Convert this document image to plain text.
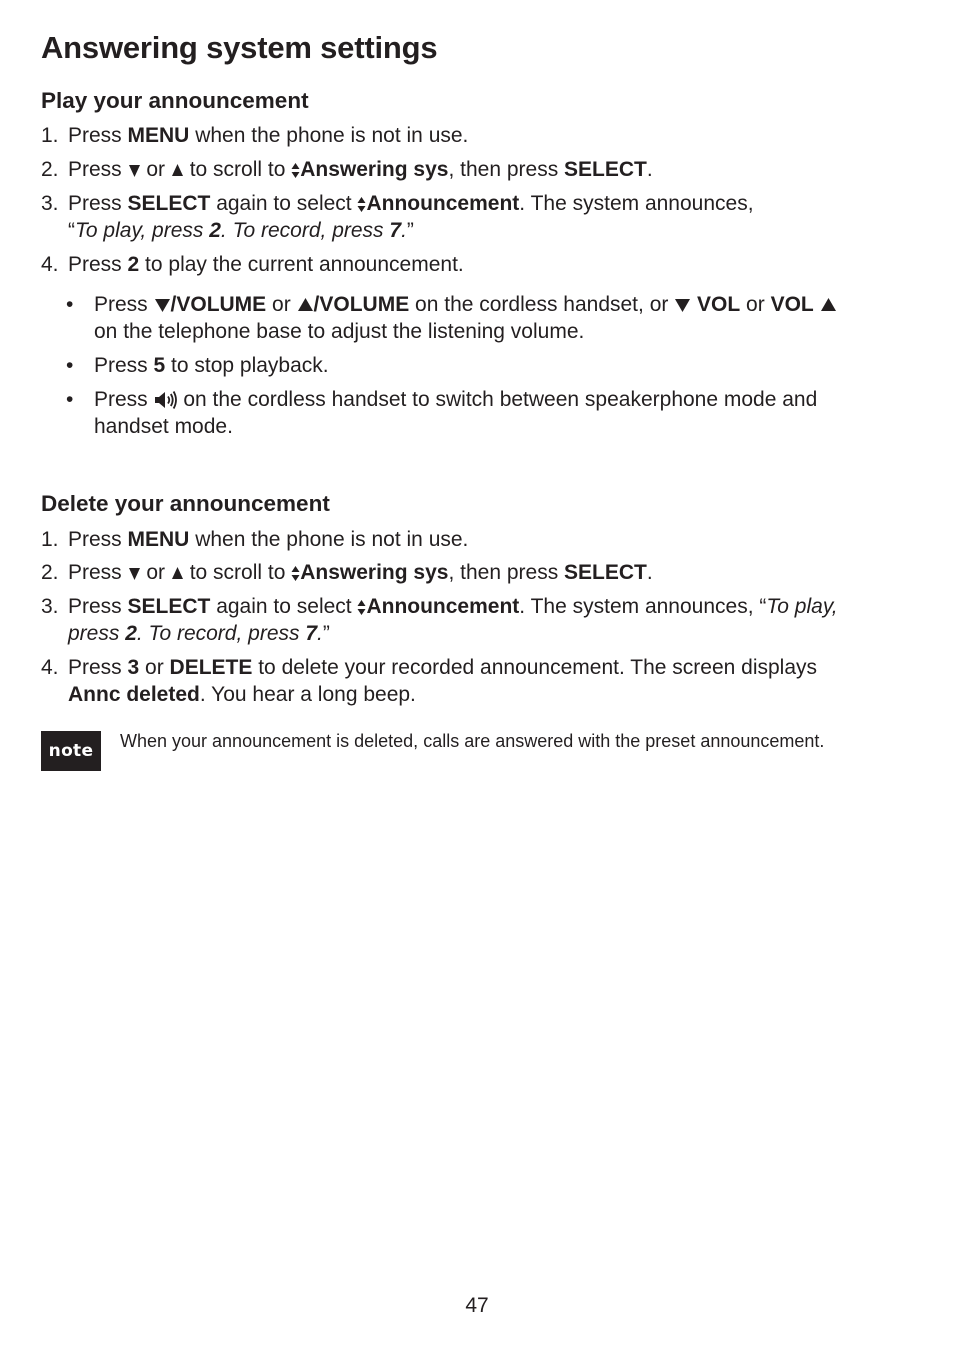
Answering system settings
Play your announcement
1. Press MENU when the phone is not in use.
2. Press  or  to scroll to Answering sys, then press SELECT.
3. Press SELECT again to select Announcement. The system announces,
“To play, press 2. To record, press 7.”
4. Press 2 to play the current announcement.
• Press /VOLUME or /VOLUME on the cordless handset, or  VOL or VOL
on the telephone base to adjust the listening volume.
• Press 5 to stop playback.
• Press  on the cordless handset to switch between speakerphone mode and
handset mode.
Delete your announcement
1. Press MENU when the phone is not in use.
2. Press  or  to scroll to Answering sys, then press SELECT.
3. Press SELECT again to select Announcement. The system announces, “To play,
press 2. To record, press 7.”
4. Press 3 or DELETE to delete your recorded announcement. The screen displays
Annc deleted. You hear a long beep.
note	When your announcement is deleted, calls are answered with the preset announcement.
47
